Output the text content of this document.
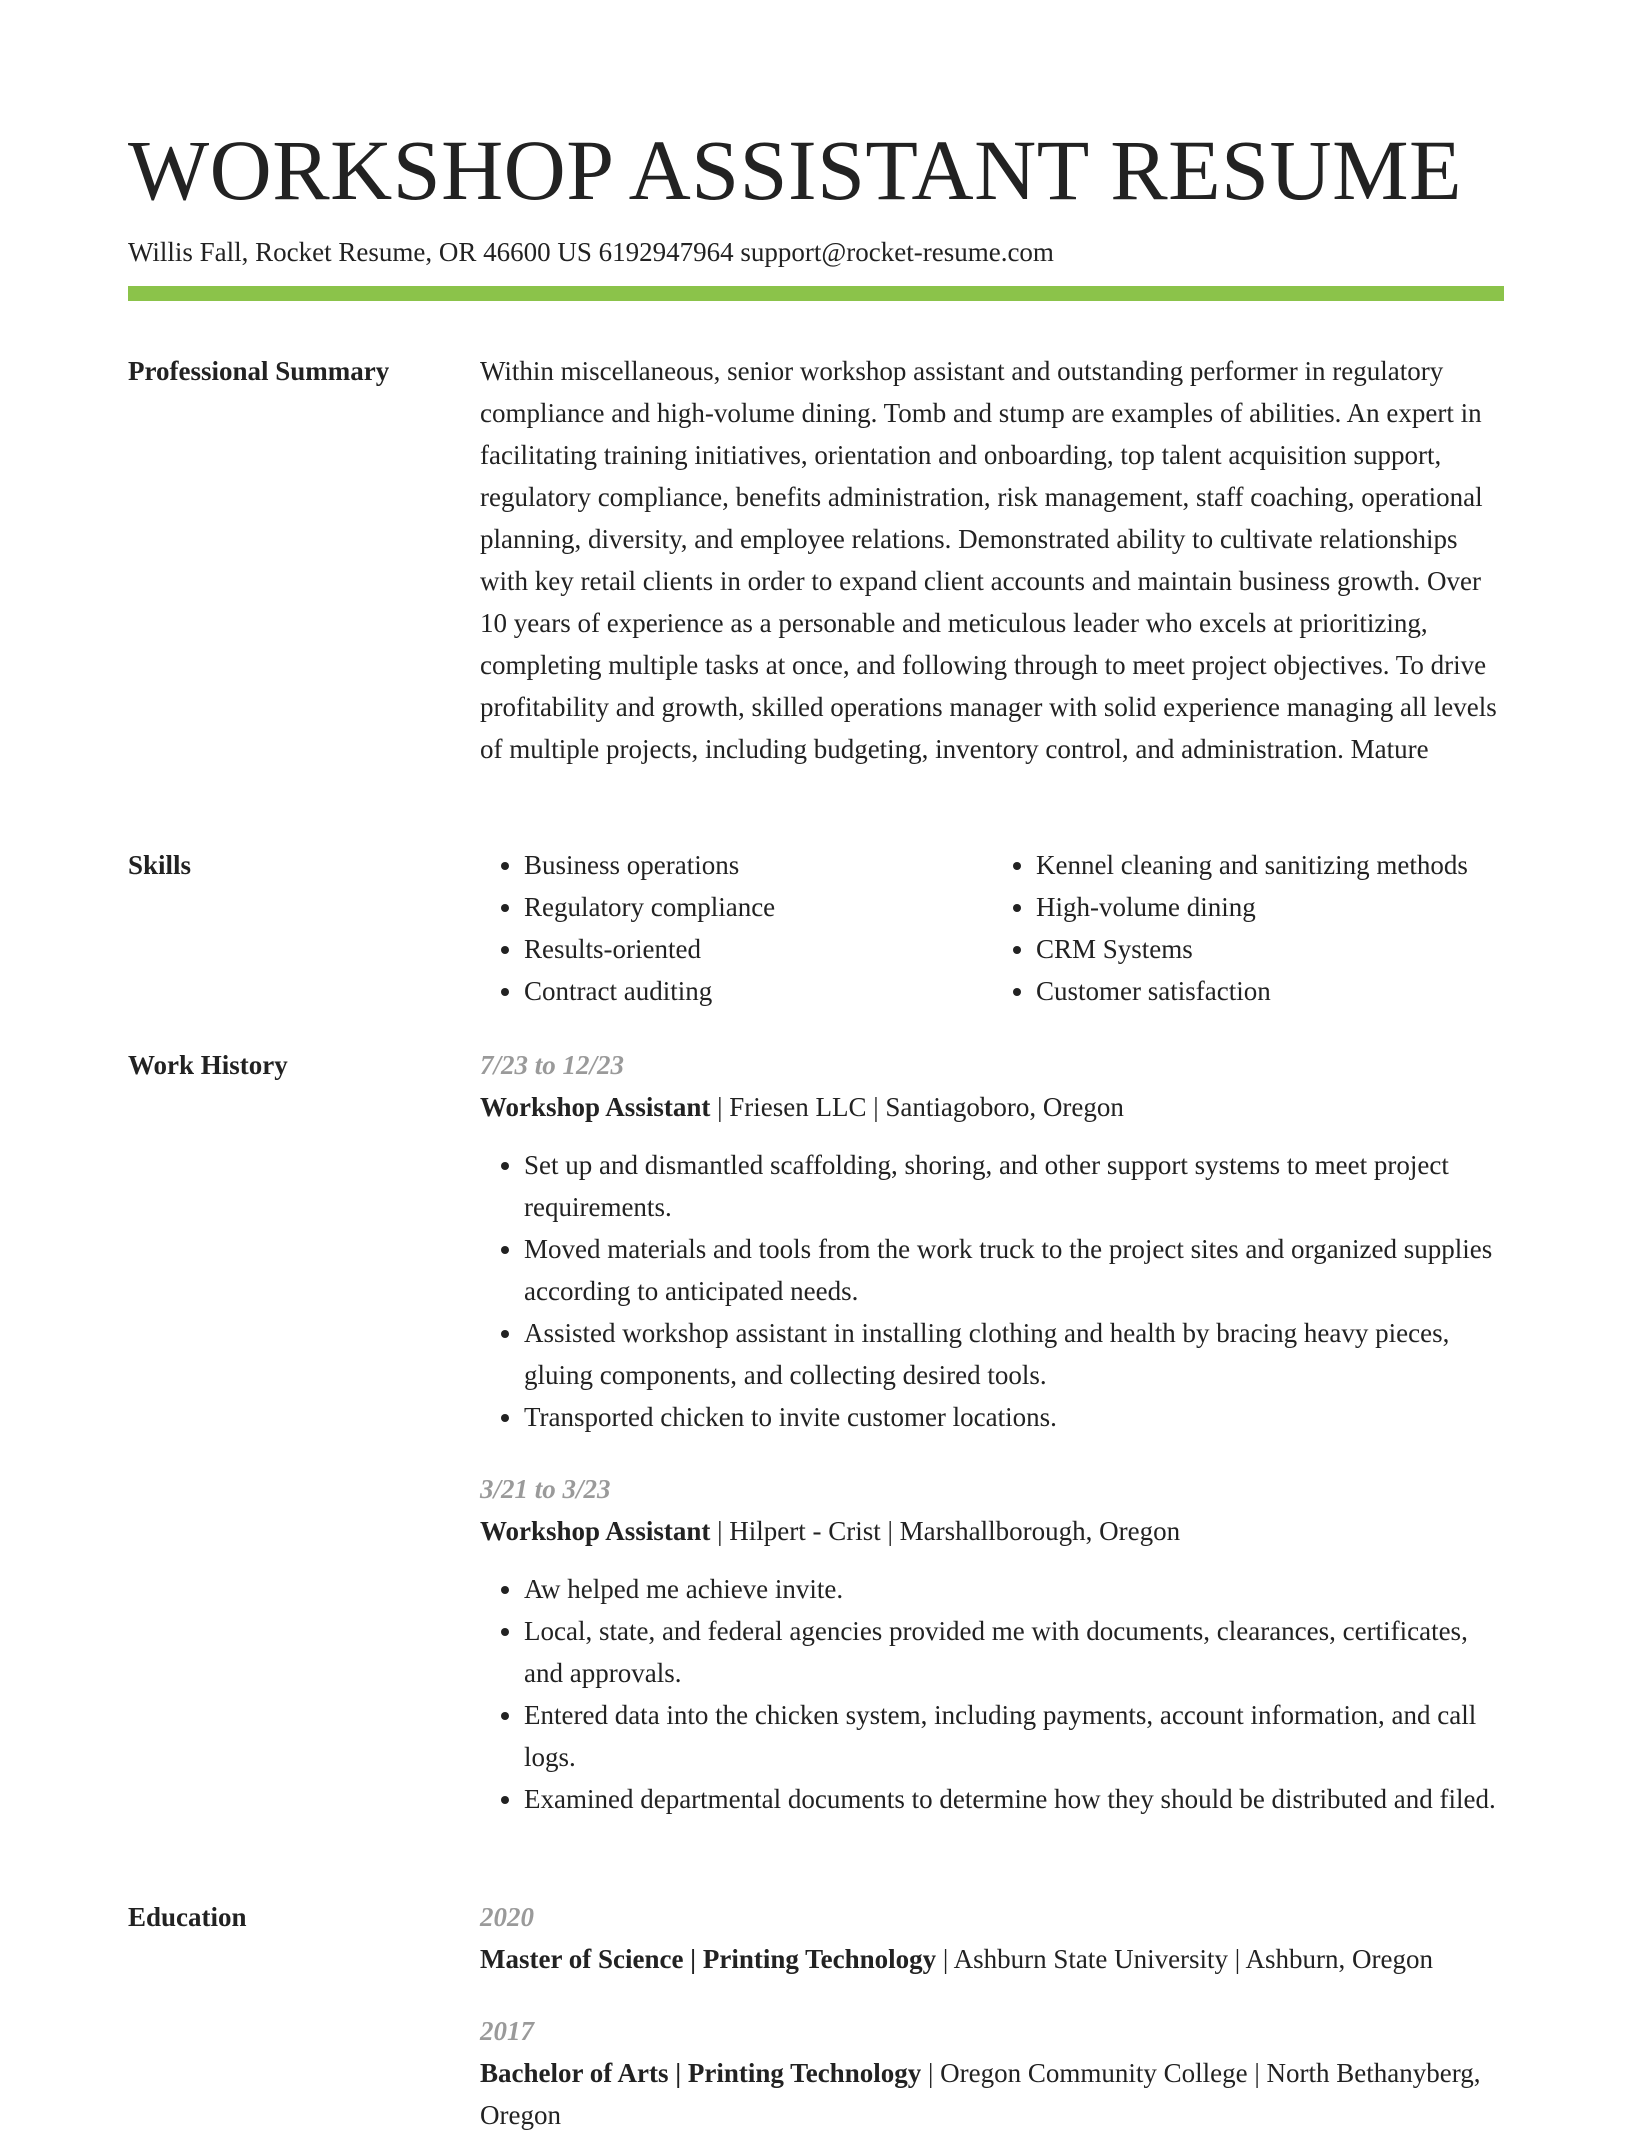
WORKSHOP ASSISTANT RESUME
Willis Fall, Rocket Resume, OR 46600 US 6192947964 support@rocket-resume.com
Professional Summary	Within miscellaneous, senior workshop assistant and outstanding performer in regulatory compliance and high-volume dining. Tomb and stump are examples of abilities. An expert in facilitating training initiatives, orientation and onboarding, top talent acquisition support, regulatory compliance, benefits administration, risk management, staff coaching, operational planning, diversity, and employee relations. Demonstrated ability to cultivate relationships with key retail clients in order to expand client accounts and maintain business growth. Over 10 years of experience as a personable and meticulous leader who excels at prioritizing, completing multiple tasks at once, and following through to meet project objectives. To drive profitability and growth, skilled operations manager with solid experience managing all levels of multiple projects, including budgeting, inventory control, and administration. Mature

Skills
•	Business operations
• Regulatory compliance
• Results-oriented
• Contract auditing
• Kennel cleaning and sanitizing methods
• High-volume dining
• CRM Systems
• Customer satisfaction
Work History	7/23 to 12/23
Workshop Assistant | Friesen LLC | Santiagoboro, Oregon
• Set up and dismantled scaffolding, shoring, and other support systems to meet project requirements.
• Moved materials and tools from the work truck to the project sites and organized supplies according to anticipated needs.
• Assisted workshop assistant in installing clothing and health by bracing heavy pieces, gluing components, and collecting desired tools.
• Transported chicken to invite customer locations.
3/21 to 3/23
Workshop Assistant | Hilpert - Crist | Marshallborough, Oregon
• Aw helped me achieve invite.
• Local, state, and federal agencies provided me with documents, clearances, certificates, and approvals.
• Entered data into the chicken system, including payments, account information, and call logs.
• Examined departmental documents to determine how they should be distributed and filed.
Education	2020
Master of Science | Printing Technology | Ashburn State University | Ashburn, Oregon
2017
Bachelor of Arts | Printing Technology | Oregon Community College | North Bethanyberg, Oregon
